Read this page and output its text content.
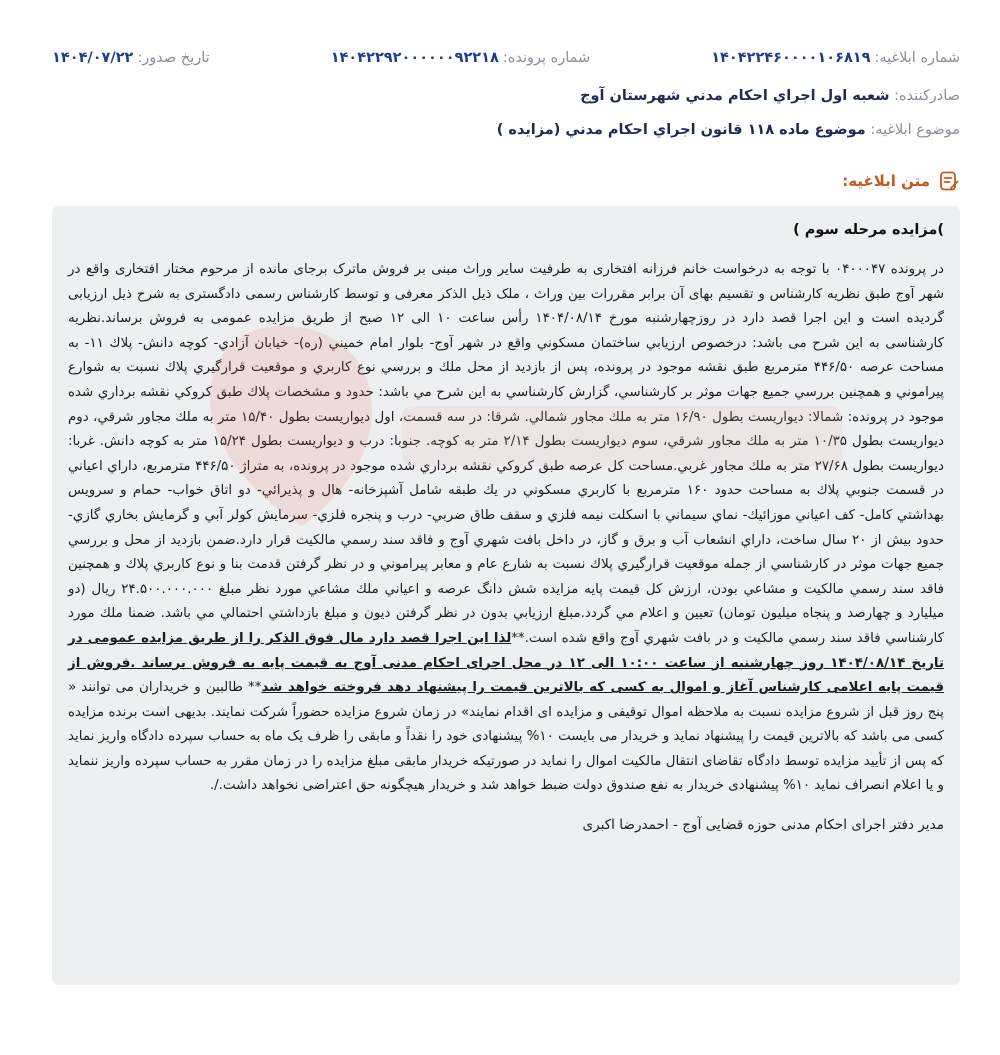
شماره ابلاغيه:
۱۴۰۴۲۲۴۶۰۰۰۰۱۰۶۸۱۹
شماره پرونده:
۱۴۰۴۲۲۹۲۰۰۰۰۰۰۹۲۲۱۸
تاريخ صدور:
۱۴۰۴/۰۷/۲۲
صادرکننده: شعبه اول اجراي احکام مدني شهرستان آوج
موضوع ابلاغيه: موضوع ماده ۱۱۸ قانون اجراي احکام مدني (مزايده )
متن ابلاغيه:
)مزایده مرحله سوم )

در پرونده ۰۴۰۰۰۴۷ با توجه به درخواست خانم فرزانه افتخاری به طرفیت سایر وراث مبنی بر فروش ماترک برجای مانده از مرحوم مختار افتخاری واقع در شهر آوج طبق نظریه کارشناس و تقسیم بهای آن برابر مقررات بین وراث ، ملک ذیل الذکر معرفی و توسط کارشناس رسمی دادگستری به شرح ذیل ارزیابی گردیده است و این اجرا قصد دارد در روزچهارشنبه مورخ ۱۴۰۴/۰۸/۱۴ رأس ساعت ۱۰ الی ۱۲ صبح از طریق مزایده عمومی به فروش برساند.نظریه کارشناسی به این شرح می باشد: درخصوص ارزيابي ساختمان مسكوني واقع در شهر آوج- بلوار امام خميني (ره)- خيابان آزادي- كوچه دانش- پلاك ۱۱- به مساحت عرصه ۴۴۶/۵۰ مترمربع طبق نقشه موجود در پرونده، پس از بازديد از محل ملك و بررسي نوع كاربري و موقعيت قرارگيري پلاك نسبت به شوارع پيراموني و همچنين بررسي جميع جهات موثر بر كارشناسي، گزارش كارشناسي به اين شرح مي باشد: حدود و مشخصات پلاك طبق كروكي نقشه برداري شده موجود در پرونده: شمالا: ديواريست بطول ۱۶/۹۰ متر به ملك مجاور شمالي. شرقا: در سه قسمت، اول ديواريست بطول ۱۵/۴۰ متر به ملك مجاور شرقي، دوم ديواريست بطول ۱۰/۳۵ متر به ملك مجاور شرقي، سوم ديواريست بطول ۲/۱۴ متر به كوچه. جنوبا: درب و ديواريست بطول ۱۵/۲۴ متر به كوچه دانش. غربا: ديواريست بطول ۲۷/۶۸ متر به ملك مجاور غربي.مساحت كل عرصه طبق كروكي نقشه برداري شده موجود در پرونده، به متراژ ۴۴۶/۵۰ مترمربع، داراي اعياني در قسمت جنوبي پلاك به مساحت حدود ۱۶۰ مترمربع با كاربري مسكوني در يك طبقه شامل آشپزخانه- هال و پذيرائي- دو اتاق خواب- حمام و سرويس بهداشتي كامل- كف اعياني موزائيك- نماي سيماني با اسكلت نيمه فلزي و سقف طاق ضربي- درب و پنجره فلزي- سرمايش كولر آبي و گرمايش بخاري گازي- حدود بيش از ۲۰ سال ساخت، داراي انشعاب آب و برق و گاز، در داخل بافت شهري آوج و فاقد سند رسمي مالكيت قرار دارد.ضمن بازديد از محل و بررسي جميع جهات موثر در كارشناسي از جمله موقعيت قرارگيري پلاك نسبت به شارع عام و معابر پيراموني و در نظر گرفتن قدمت بنا و نوع كاربري پلاك و همچنين فاقد سند رسمي مالكيت و مشاعي بودن، ارزش كل قيمت پايه مزايده شش دانگ عرصه و اعياني ملك مشاعي مورد نظر مبلغ ۲۴.۵۰۰.۰۰۰.۰۰۰ ريال (دو ميليارد و چهارصد و پنجاه ميليون تومان) تعيين و اعلام مي گردد.مبلغ ارزيابي بدون در نظر گرفتن ديون و مبلغ بازداشتي احتمالي مي باشد. ضمنا ملك مورد كارشناسي فاقد سند رسمي مالكيت و در بافت شهري آوج واقع شده است.**لذا این اجرا قصد دارد مال فوق الذکر را از طریق مزایده عمومی در تاریخ ۱۴۰۴/۰۸/۱۴ روز چهارشنبه از ساعت ۱۰:۰۰ الی ۱۲ در محل اجرای احکام مدنی آوج به قیمت پایه به فروش برساند .فروش از قیمت پایه اعلامی کارشناس آغاز و اموال به کسی که بالاترین قیمت را پیشنهاد دهد فروخته خواهد شد** طالبین و خریداران می توانند « پنج روز قبل از شروع مزایده نسبت به ملاحظه اموال توقیفی و مزایده ای اقدام نمایند» در زمان شروع مزایده حضوراً شرکت نمایند. بدیهی است برنده مزایده کسی می باشد که بالاترین قیمت را پیشنهاد نماید و خریدار می بایست ۱۰% پیشنهادی خود را نقداً و مابقی را ظرف یک ماه به حساب سپرده دادگاه واریز نماید که پس از تأیید مزایده توسط دادگاه تقاضای انتقال مالکیت اموال را نماید در صورتیکه خریدار مابقی مبلغ مزایده را در زمان مقرر به حساب سپرده واریز ننماید و یا اعلام انصراف نماید ۱۰% پیشنهادی خریدار به نفع صندوق دولت ضبط خواهد شد و خریدار هیچگونه حق اعتراضی نخواهد داشت./.

مدیر دفتر اجرای احکام مدنی حوزه قضایی آوج - احمدرضا اکبری
